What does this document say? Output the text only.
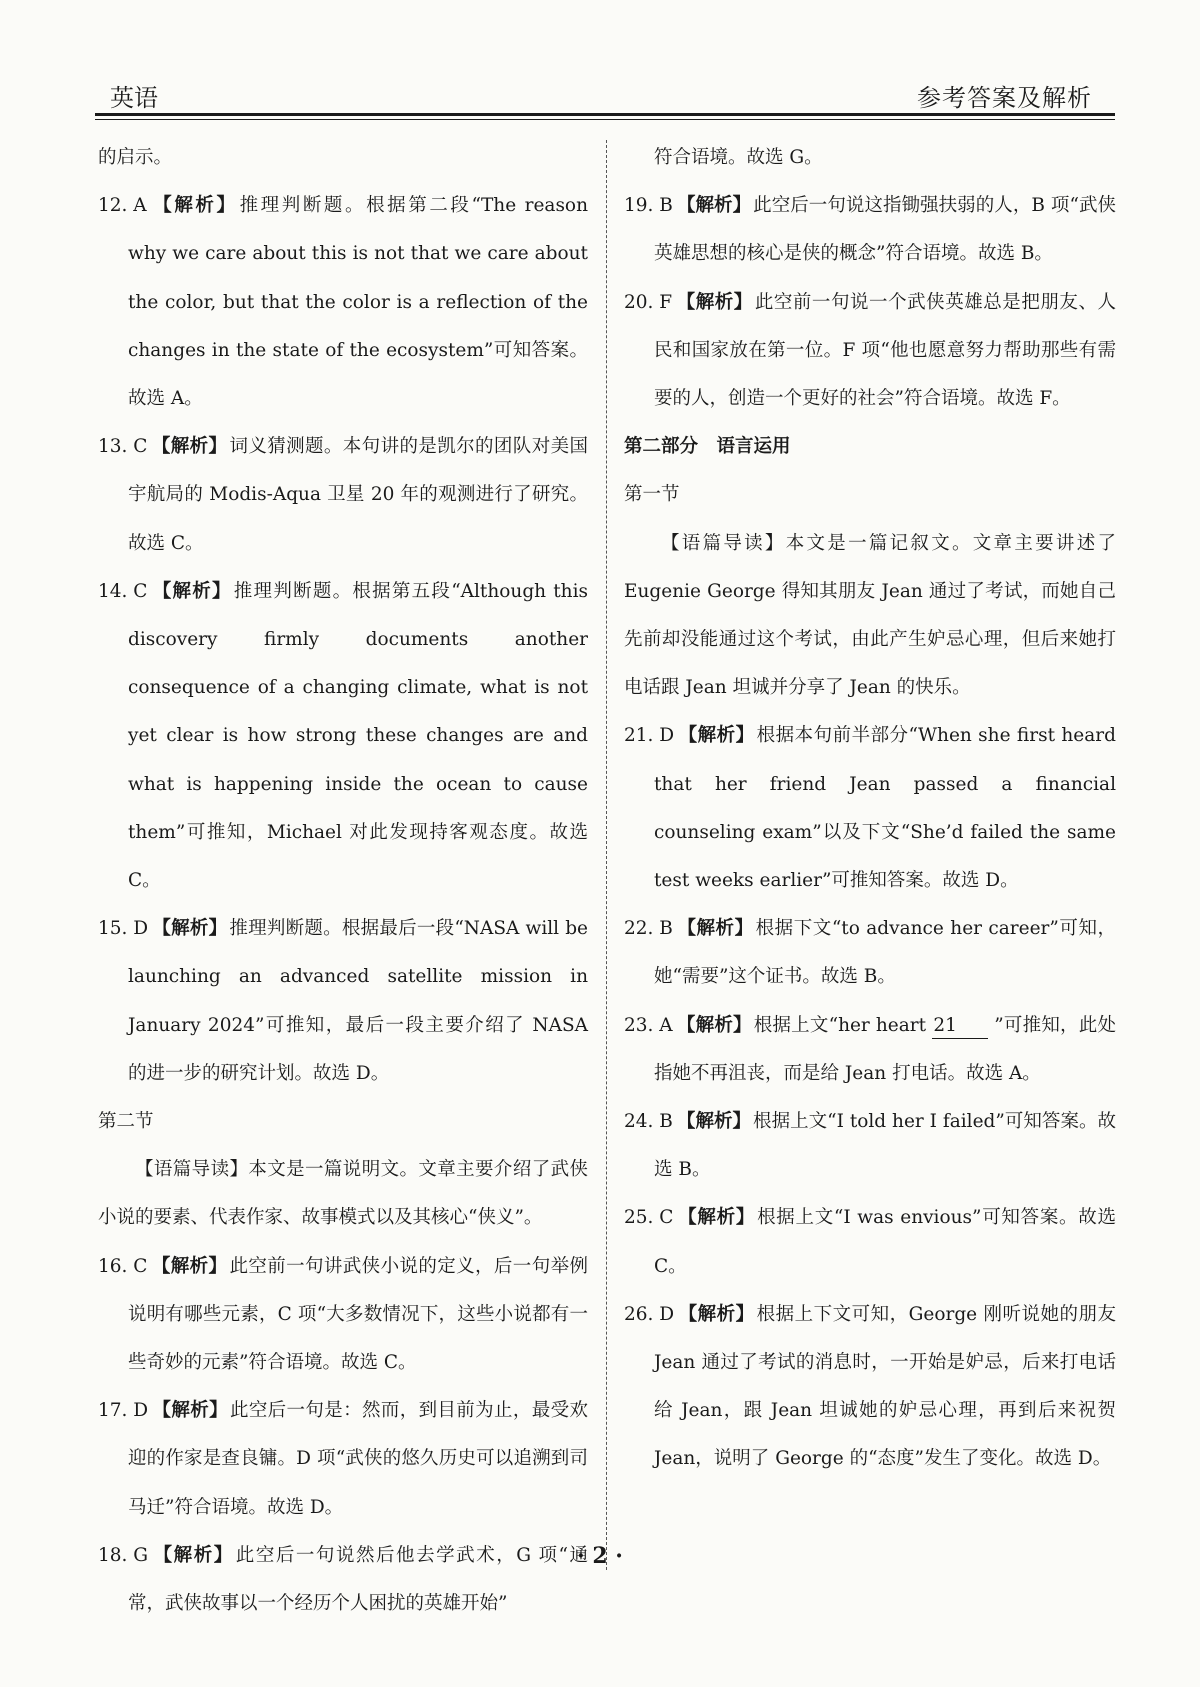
英语	参考答案及解析

的启示。

12. A 【解析】 推理判断题。根据第二段“The reason why we care about this is not that we care about the color, but that the color is a reflection of the changes in the state of the ecosystem”可知答案。故选 A。

13. C 【解析】 词义猜测题。本句讲的是凯尔的团队对美国宇航局的 Modis-Aqua 卫星 20 年的观测进行了研究。故选 C。

14. C 【解析】 推理判断题。根据第五段“Although this discovery firmly documents another consequence of a changing climate, what is not yet clear is how strong these changes are and what is happening inside the ocean to cause them”可推知，Michael 对此发现持客观态度。故选 C。

15. D 【解析】 推理判断题。根据最后一段“NASA will be launching an advanced satellite mission in January 2024”可推知，最后一段主要介绍了 NASA 的进一步的研究计划。故选 D。

第二节

【语篇导读】本文是一篇说明文。文章主要介绍了武侠小说的要素、代表作家、故事模式以及其核心“侠义”。

16. C 【解析】 此空前一句讲武侠小说的定义，后一句举例说明有哪些元素，C 项“大多数情况下，这些小说都有一些奇妙的元素”符合语境。故选 C。

17. D 【解析】 此空后一句是：然而，到目前为止，最受欢迎的作家是查良镛。D 项“武侠的悠久历史可以追溯到司马迁”符合语境。故选 D。

18. G 【解析】 此空后一句说然后他去学武术，G 项“通常，武侠故事以一个经历个人困扰的英雄开始”

符合语境。故选 G。

19. B 【解析】 此空后一句说这指锄强扶弱的人，B 项“武侠英雄思想的核心是侠的概念”符合语境。故选 B。

20. F 【解析】 此空前一句说一个武侠英雄总是把朋友、人民和国家放在第一位。F 项“他也愿意努力帮助那些有需要的人，创造一个更好的社会”符合语境。故选 F。

第二部分　语言运用

第一节

【语篇导读】本文是一篇记叙文。文章主要讲述了 Eugenie George 得知其朋友 Jean 通过了考试，而她自己先前却没能通过这个考试，由此产生妒忌心理，但后来她打电话跟 Jean 坦诚并分享了 Jean 的快乐。

21. D 【解析】 根据本句前半部分“When she first heard that her friend Jean passed a financial counseling exam”以及下文“She’d failed the same test weeks earlier”可推知答案。故选 D。

22. B 【解析】 根据下文“to advance her career”可知，她“需要”这个证书。故选 B。

23. A 【解析】 根据上文“her heart 21 ”可推知，此处指她不再沮丧，而是给 Jean 打电话。故选 A。

24. B 【解析】 根据上文“I told her I failed”可知答案。故选 B。

25. C 【解析】 根据上文“I was envious”可知答案。故选 C。

26. D 【解析】 根据上下文可知，George 刚听说她的朋友 Jean 通过了考试的消息时，一开始是妒忌，后来打电话给 Jean，跟 Jean 坦诚她的妒忌心理，再到后来祝贺 Jean，说明了 George 的“态度”发生了变化。故选 D。

· 2 ·
